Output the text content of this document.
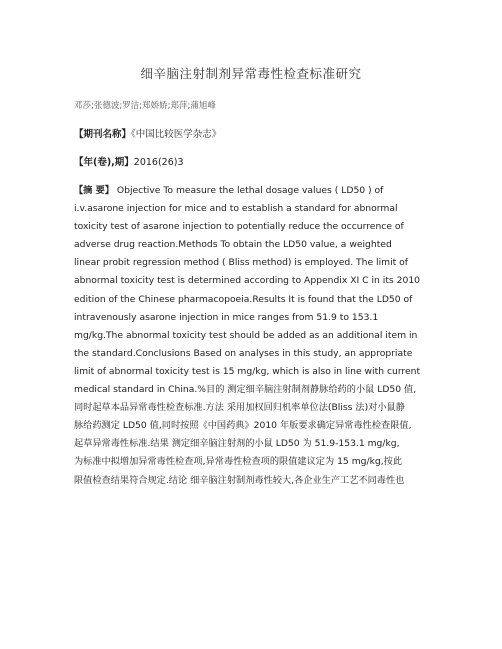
细辛脑注射制剂异常毒性检查标准研究
邓莎;张德波;罗洁;郑娇娇;郑萍;蒲旭峰
【期刊名称】《中国比较医学杂志》
【年(卷),期】2016(26)3
【摘 要】 Objective To measure the lethal dosage values ( LD50 ) of
i.v.asarone injection for mice and to establish a standard for abnormal
toxicity test of asarone injection to potentially reduce the occurrence of
adverse drug reaction.Methods To obtain the LD50 value, a weighted
linear probit regression method ( Bliss method) is employed. The limit of
abnormal toxicity test is determined according to Appendix XI C in its 2010
edition of the Chinese pharmacopoeia.Results It is found that the LD50 of
intravenously asarone injection in mice ranges from 51.9 to 153.1
mg/kg.The abnormal toxicity test should be added as an additional item in
the standard.Conclusions Based on analyses in this study, an appropriate
limit of abnormal toxicity test is 15 mg/kg, which is also in line with current
medical standard in China.%目的 测定细辛脑注射制剂静脉给药的小鼠 LD50 值,
同时起草本品异常毒性检查标准.方法 采用加权回归机率单位法(Bliss 法)对小鼠静
脉给药测定 LD50 值,同时按照《中国药典》2010 年版要求确定异常毒性检查限值,
起草异常毒性标准.结果 测定细辛脑注射剂的小鼠 LD50 为 51.9-153.1 mg/kg,
为标准中拟增加异常毒性检查项,异常毒性检查项的限值建议定为 15 mg/kg,按此
限值检查结果符合规定.结论 细辛脑注射制剂毒性较大,各企业生产工艺不同毒性也
